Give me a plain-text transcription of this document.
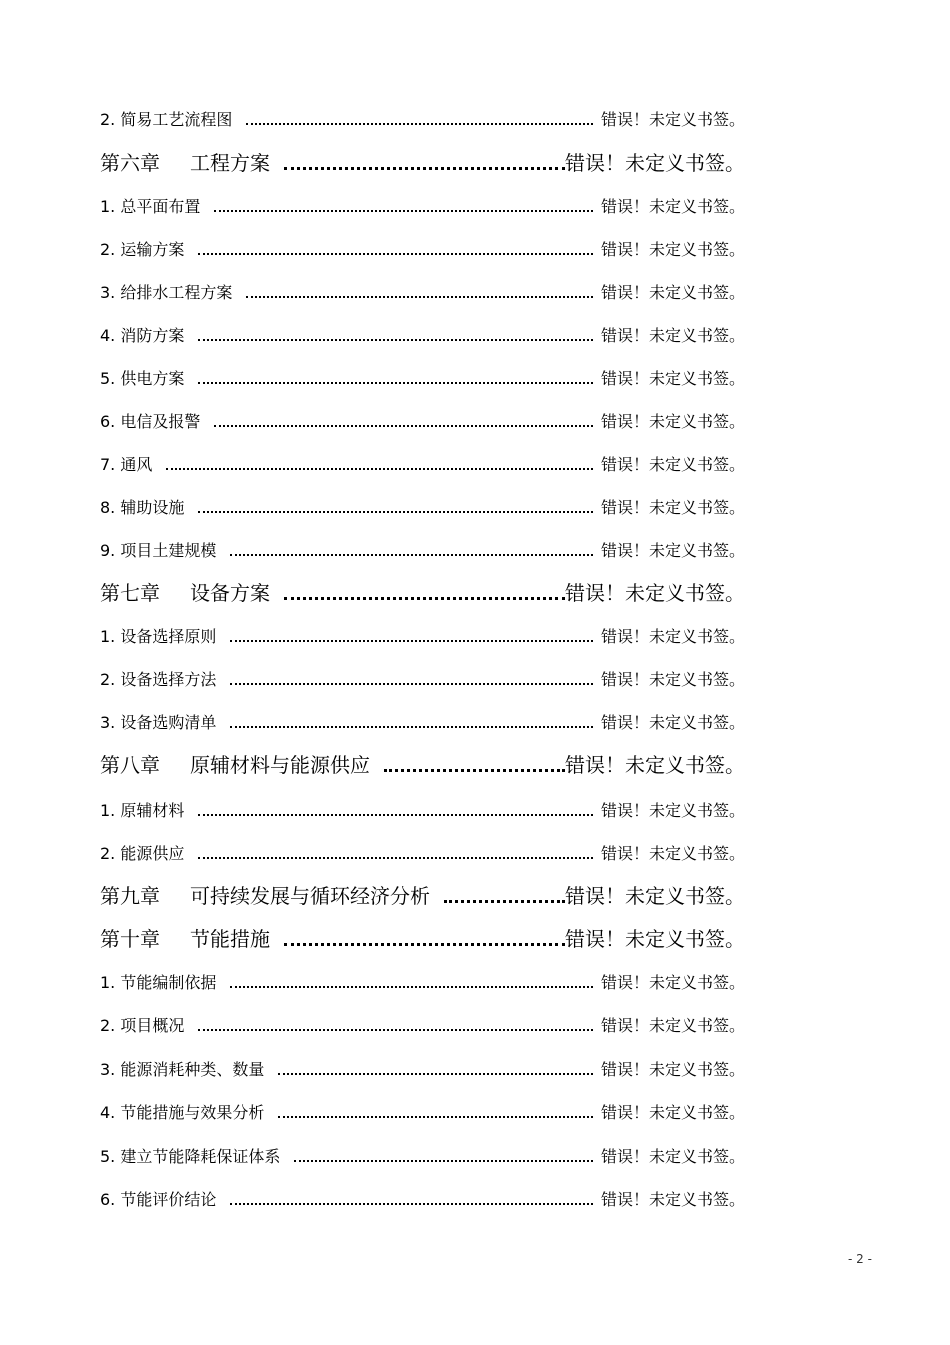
2. 简易工艺流程图	错误！未定义书签。
第六章 工程方案	错误！未定义书签。
1. 总平面布置	错误！未定义书签。
2. 运输方案	错误！未定义书签。
3. 给排水工程方案	错误！未定义书签。
4. 消防方案	错误！未定义书签。
5. 供电方案	错误！未定义书签。
6. 电信及报警	错误！未定义书签。
7. 通风	错误！未定义书签。
8. 辅助设施	错误！未定义书签。
9. 项目土建规模	错误！未定义书签。
第七章 设备方案	错误！未定义书签。
1. 设备选择原则	错误！未定义书签。
2. 设备选择方法	错误！未定义书签。
3. 设备选购清单	错误！未定义书签。
第八章 原辅材料与能源供应	错误！未定义书签。
1. 原辅材料	错误！未定义书签。
2. 能源供应	错误！未定义书签。
第九章 可持续发展与循环经济分析	错误！未定义书签。
第十章 节能措施	错误！未定义书签。
1. 节能编制依据	错误！未定义书签。
2. 项目概况	错误！未定义书签。
3. 能源消耗种类、数量	错误！未定义书签。
4. 节能措施与效果分析	错误！未定义书签。
5. 建立节能降耗保证体系	错误！未定义书签。
6. 节能评价结论	错误！未定义书签。
- 2 -
